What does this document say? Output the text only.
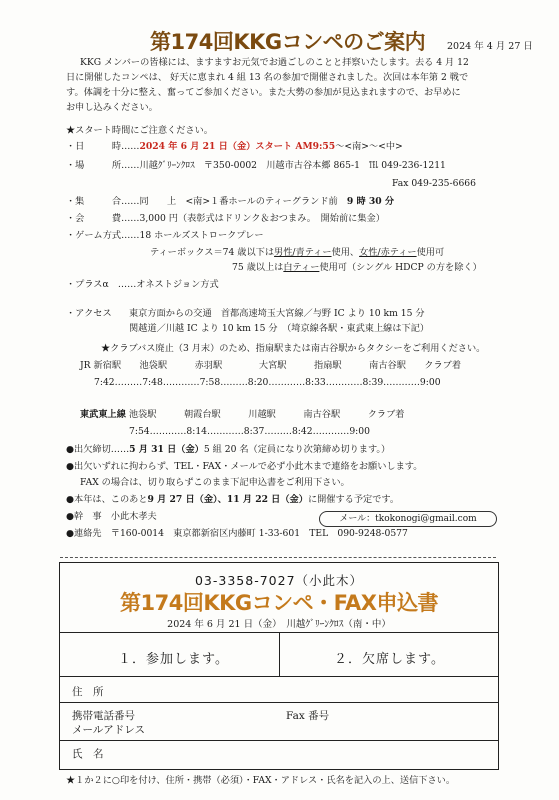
第174回KKGコンペのご案内 2024 年 4 月 27 日
KKG メンバーの皆様には、ますますお元気でお過ごしのことと拝察いたします。去る 4 月 12
日に開催したコンペは、 好天に恵まれ 4 組 13 名の参加で開催されました。次回は本年第 2 戦で
す。体調を十分に整え、奮ってご参加ください。また大勢の参加が見込まれますので、お早めに
お申し込みください。
★スタート時間にご注意ください。
・日　　　時……2024 年 6 月 21 日（金）スタート AM9:55～<南>～<中>
・場　　　所……川越ｸﾞﾘｰﾝｸﾛｽ　〒350-0002　川越市古谷本郷 865-1　℡ 049-236-1211
Fax 049-235-6666
・集　　　合……同　　上　 <南>１番ホールのティーグランド前　 9 時 30 分
・会　　　費……3,000 円（表彰式はドリンク＆おつまみ。　開始前に集金）
・ゲーム方式……18 ホールズストロークプレー
ティーボックス＝74 歳以下は男性/青ティー使用、女性/赤ティー使用可
75 歳以上は白ティー使用可（シングル HDCP の方を除く）
・プラスα　 ……オネストジョン方式
・アクセス 東京方面からの交通　首都高速埼玉大宮線／与野 IC より 10 km 15 分
関越道／川越 IC より 10 km 15 分　（埼京線各駅・東武東上線は下記）
★クラブバス廃止（3 月末）のため、指扇駅または南古谷駅からタクシーをご利用ください。
JR 新宿駅　　池袋駅　　　赤羽駅　　　　大宮駅　　　指扇駅　　　南古谷駅　　クラブ着
7:42………7:48…………7:58………8:20…………8:33…………8:39…………9:00
東武東上線 池袋駅　　　朝霞台駅　　　川越駅　　　南古谷駅　　　クラブ着
7:54…………8:14…………8:37………8:42…………9:00
●出欠締切……5 月 31 日（金）5 組 20 名（定員になり次第締め切ります。）
●出欠いずれに拘わらず、TEL・FAX・メールで必ず小此木まで連絡をお願いします。
FAX の場合は、切り取らずこのまま下記申込書をご利用下さい。
●本年は、このあと9 月 27 日（金）、11 月 22 日（金）に開催する予定です。
●幹　事　小此木孝夫	メール：tkokonogi@gmail.com
●連絡先　〒160-0014　東京都新宿区内藤町 1-33-601　TEL　090-9248-0577
03-3358-7027（小此木）
第174回KKGコンペ・FAX申込書
2024 年 6 月 21 日（金）　川越ｸﾞﾘｰﾝｸﾛｽ（南・中）
１．参加します。	２．欠席します。
住　所
携帯電話番号	Fax 番号
メールアドレス
氏　名
★１か２に○印を付け、住所・携帯（必須）・FAX・アドレス・氏名を記入の上、送信下さい。
